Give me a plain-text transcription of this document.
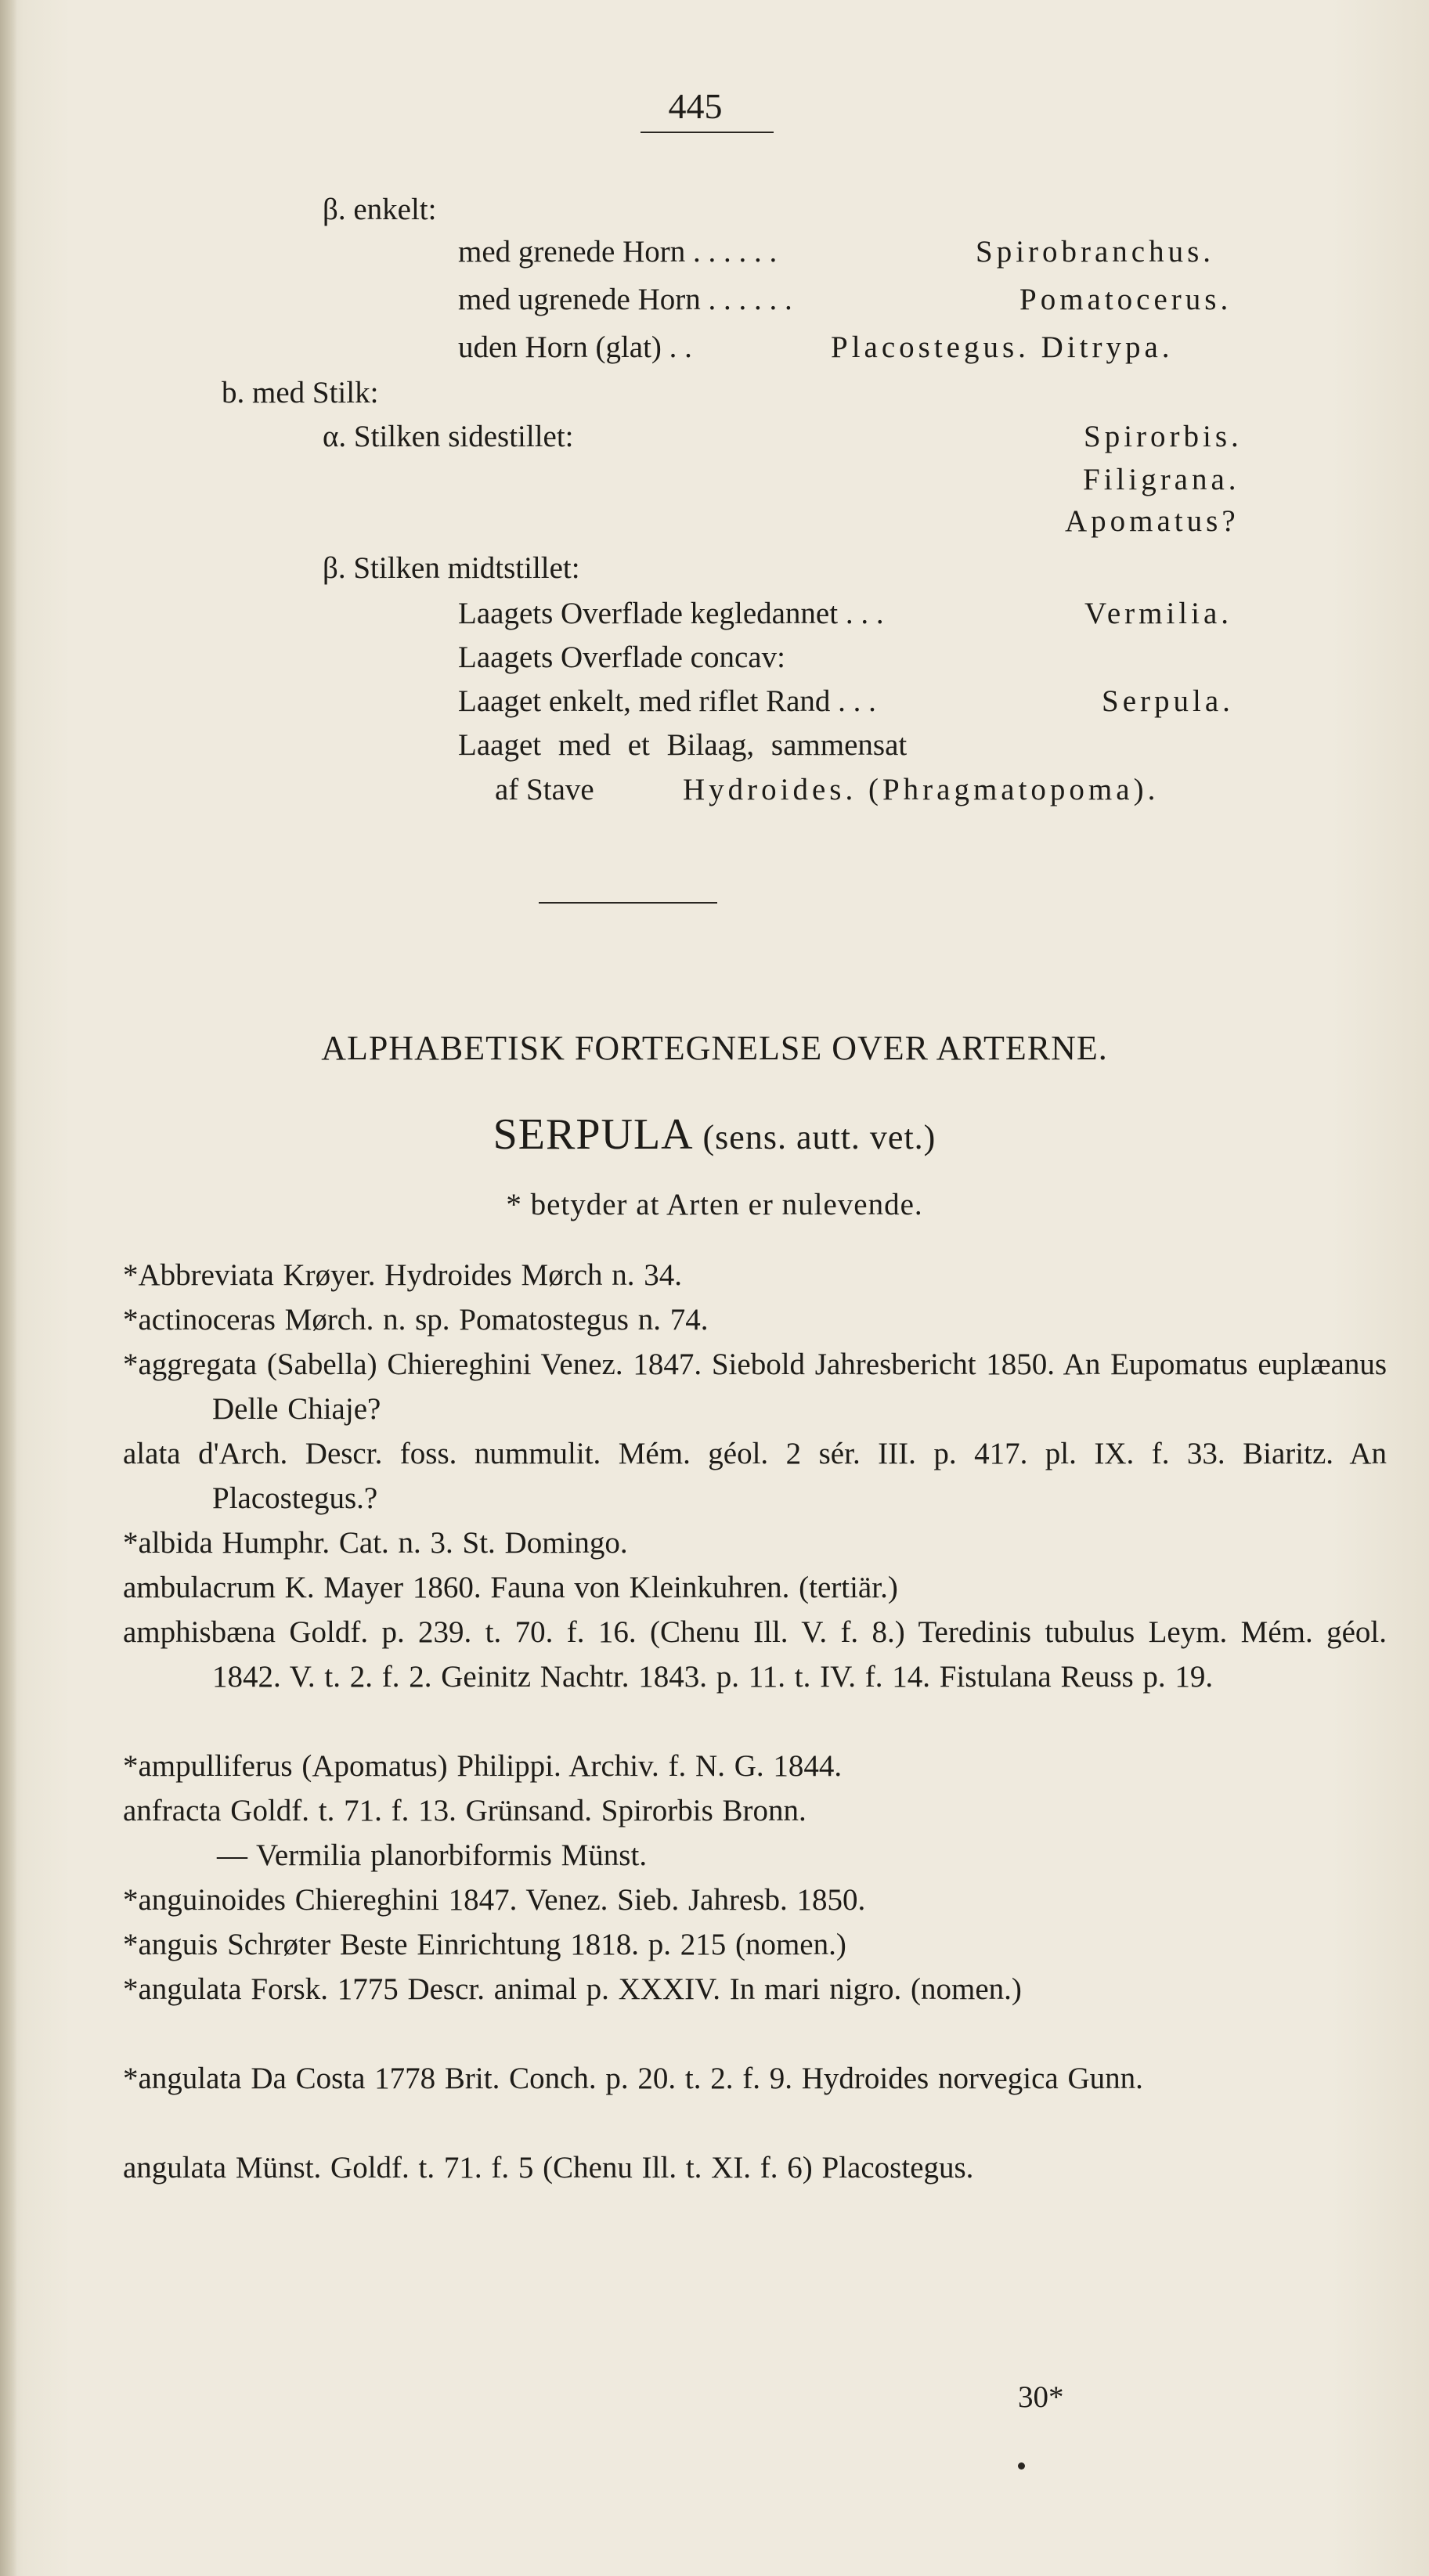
445
β. enkelt:
med grenede Horn . . . . . .	Spirobranchus.
med ugrenede Horn . . . . . .	Pomatocerus.
uden Horn (glat) . .	Placostegus. Ditrypa.
b. med Stilk:
α. Stilken sidestillet:	Spirorbis.
Filigrana.
Apomatus?
β. Stilken midtstillet:
Laagets Overflade kegledannet . . .	Vermilia.
Laagets Overflade concav:
Laaget enkelt, med riflet Rand . . .	Serpula.
Laaget med et Bilaag, sammensat
af Stave	Hydroides. (Phragmatopoma).
ALPHABETISK FORTEGNELSE OVER ARTERNE.
SERPULA (sens. autt. vet.)
* betyder at Arten er nulevende.
*Abbreviata Krøyer. Hydroides Mørch n. 34.
*actinoceras Mørch. n. sp. Pomatostegus n. 74.
*aggregata (Sabella) Chiereghini Venez. 1847. Siebold Jahresbericht 1850. An Eupomatus euplæanus Delle Chiaje?
alata d'Arch. Descr. foss. nummulit. Mém. géol. 2 sér. III. p. 417. pl. IX. f. 33. Biaritz. An Placostegus.?
*albida Humphr. Cat. n. 3. St. Domingo.
ambulacrum K. Mayer 1860. Fauna von Kleinkuhren. (tertiär.)
amphisbæna Goldf. p. 239. t. 70. f. 16. (Chenu Ill. V. f. 8.) Teredinis tubulus Leym. Mém. géol. 1842. V. t. 2. f. 2. Geinitz Nachtr. 1843. p. 11. t. IV. f. 14. Fistulana Reuss p. 19.
*ampulliferus (Apomatus) Philippi. Archiv. f. N. G. 1844.
anfracta Goldf. t. 71. f. 13. Grünsand. Spirorbis Bronn.
— Vermilia planorbiformis Münst.
*anguinoides Chiereghini 1847. Venez. Sieb. Jahresb. 1850.
*anguis Schrøter Beste Einrichtung 1818. p. 215 (nomen.)
*angulata Forsk. 1775 Descr. animal p. XXXIV. In mari nigro. (nomen.)
*angulata Da Costa 1778 Brit. Conch. p. 20. t. 2. f. 9. Hydroides norvegica Gunn.
angulata Münst. Goldf. t. 71. f. 5 (Chenu Ill. t. XI. f. 6) Placostegus.
30*
